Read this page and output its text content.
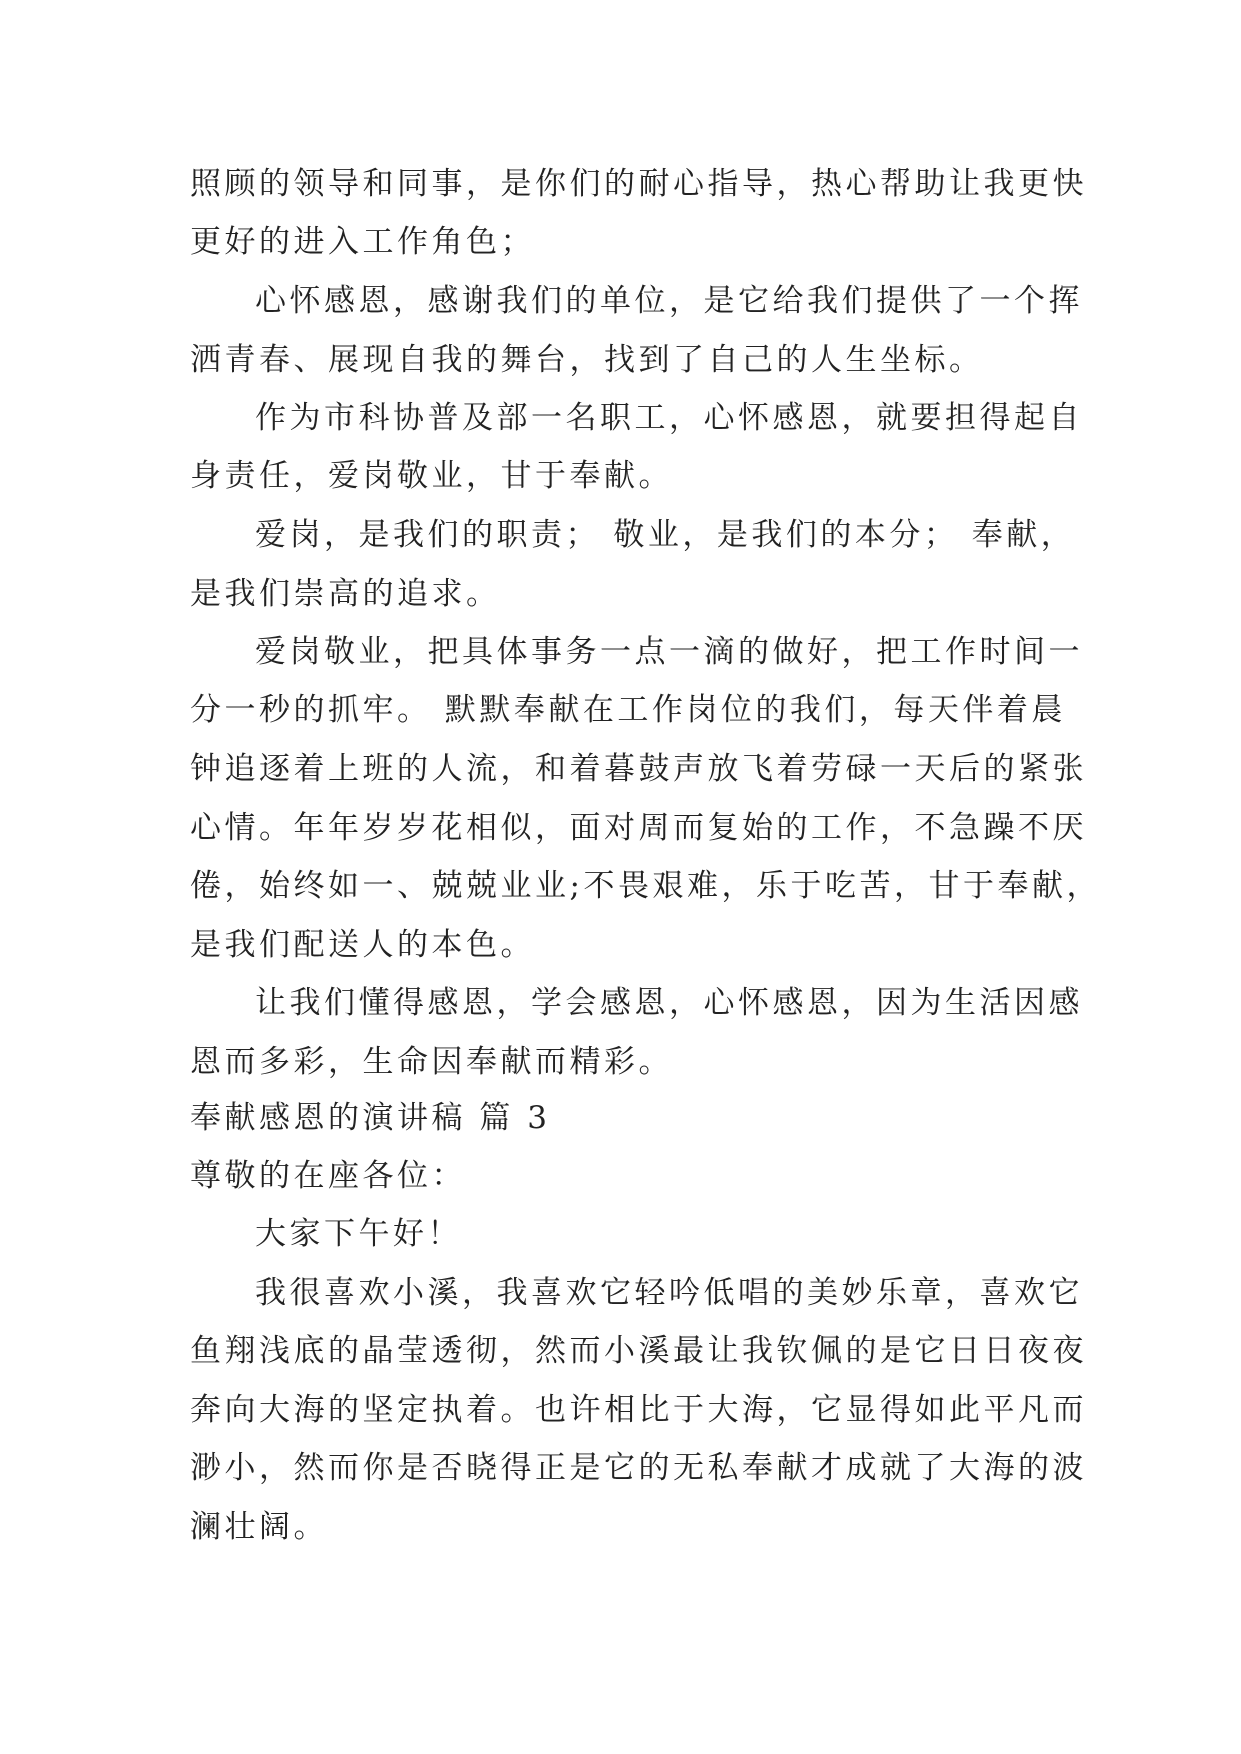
照顾的领导和同事，是你们的耐心指导，热心帮助让我更快
更好的进入工作角色；
心怀感恩，感谢我们的单位，是它给我们提供了一个挥
洒青春、展现自我的舞台，找到了自己的人生坐标。
作为市科协普及部一名职工，心怀感恩，就要担得起自
身责任，爱岗敬业，甘于奉献。
爱岗，是我们的职责； 敬业，是我们的本分； 奉献，
是我们崇高的追求。
爱岗敬业，把具体事务一点一滴的做好，把工作时间一
分一秒的抓牢。 默默奉献在工作岗位的我们，每天伴着晨
钟追逐着上班的人流，和着暮鼓声放飞着劳碌一天后的紧张
心情。年年岁岁花相似，面对周而复始的工作，不急躁不厌
倦，始终如一、兢兢业业;不畏艰难，乐于吃苦，甘于奉献，
是我们配送人的本色。
让我们懂得感恩，学会感恩，心怀感恩，因为生活因感
恩而多彩，生命因奉献而精彩。
奉献感恩的演讲稿 篇 3
尊敬的在座各位：
大家下午好！
我很喜欢小溪，我喜欢它轻吟低唱的美妙乐章，喜欢它
鱼翔浅底的晶莹透彻，然而小溪最让我钦佩的是它日日夜夜
奔向大海的坚定执着。也许相比于大海，它显得如此平凡而
渺小，然而你是否晓得正是它的无私奉献才成就了大海的波
澜壮阔。
